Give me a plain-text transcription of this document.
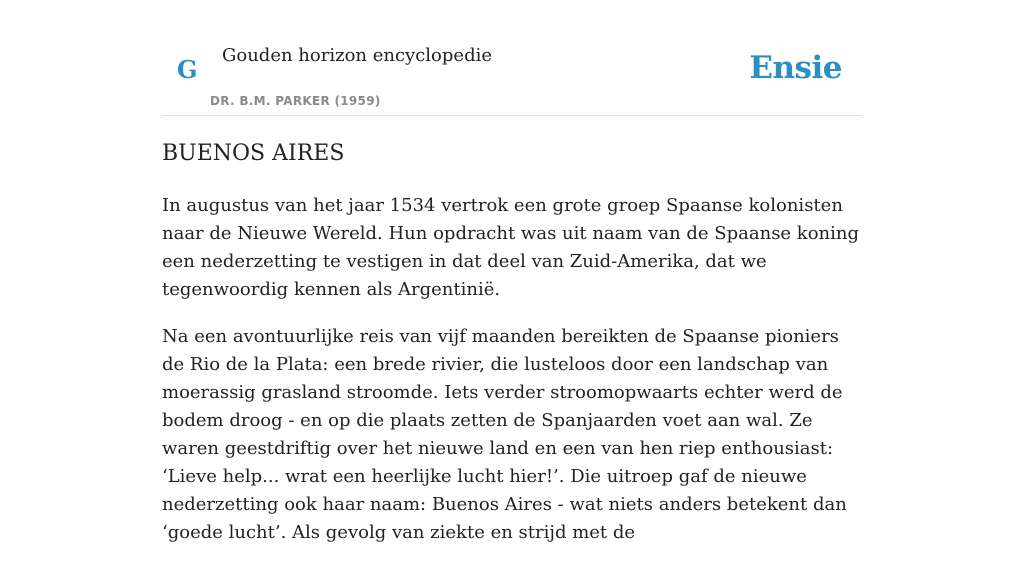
G Gouden horizon encyclopedie
DR. B.M. PARKER (1959)
Ensie
BUENOS AIRES

In augustus van het jaar 1534 vertrok een grote groep Spaanse kolonisten naar de Nieuwe Wereld. Hun opdracht was uit naam van de Spaanse koning een nederzetting te vestigen in dat deel van Zuid-Amerika, dat we tegenwoordig kennen als Argentinië.

Na een avontuurlijke reis van vijf maanden bereikten de Spaanse pioniers de Rio de la Plata: een brede rivier, die lusteloos door een landschap van moerassig grasland stroomde. Iets verder stroomopwaarts echter werd de bodem droog - en op die plaats zetten de Spanjaarden voet aan wal. Ze waren geestdriftig over het nieuwe land en een van hen riep enthousiast: ‘Lieve help... wrat een heerlijke lucht hier!’. Die uitroep gaf de nieuwe nederzetting ook haar naam: Buenos Aires - wat niets anders betekent dan ‘goede lucht’. Als gevolg van ziekte en strijd met de
